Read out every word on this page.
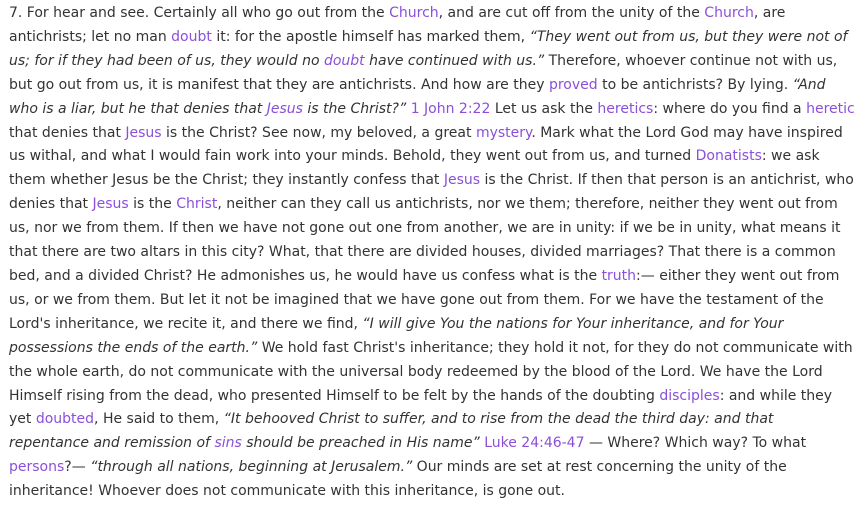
7. For hear and see. Certainly all who go out from the Church, and are cut off from the unity of the Church, are antichrists; let no man doubt it: for the apostle himself has marked them, “They went out from us, but they were not of us; for if they had been of us, they would no doubt have continued with us.” Therefore, whoever continue not with us, but go out from us, it is manifest that they are antichrists. And how are they proved to be antichrists? By lying. “And who is a liar, but he that denies that Jesus is the Christ?” 1 John 2:22 Let us ask the heretics: where do you find a heretic that denies that Jesus is the Christ? See now, my beloved, a great mystery. Mark what the Lord God may have inspired us withal, and what I would fain work into your minds. Behold, they went out from us, and turned Donatists: we ask them whether Jesus be the Christ; they instantly confess that Jesus is the Christ. If then that person is an antichrist, who denies that Jesus is the Christ, neither can they call us antichrists, nor we them; therefore, neither they went out from us, nor we from them. If then we have not gone out one from another, we are in unity: if we be in unity, what means it that there are two altars in this city? What, that there are divided houses, divided marriages? That there is a common bed, and a divided Christ? He admonishes us, he would have us confess what is the truth:— either they went out from us, or we from them. But let it not be imagined that we have gone out from them. For we have the testament of the Lord's inheritance, we recite it, and there we find, “I will give You the nations for Your inheritance, and for Your possessions the ends of the earth.” We hold fast Christ's inheritance; they hold it not, for they do not communicate with the whole earth, do not communicate with the universal body redeemed by the blood of the Lord. We have the Lord Himself rising from the dead, who presented Himself to be felt by the hands of the doubting disciples: and while they yet doubted, He said to them, “It behooved Christ to suffer, and to rise from the dead the third day: and that repentance and remission of sins should be preached in His name” Luke 24:46-47 — Where? Which way? To what persons?— “through all nations, beginning at Jerusalem.” Our minds are set at rest concerning the unity of the inheritance! Whoever does not communicate with this inheritance, is gone out.
